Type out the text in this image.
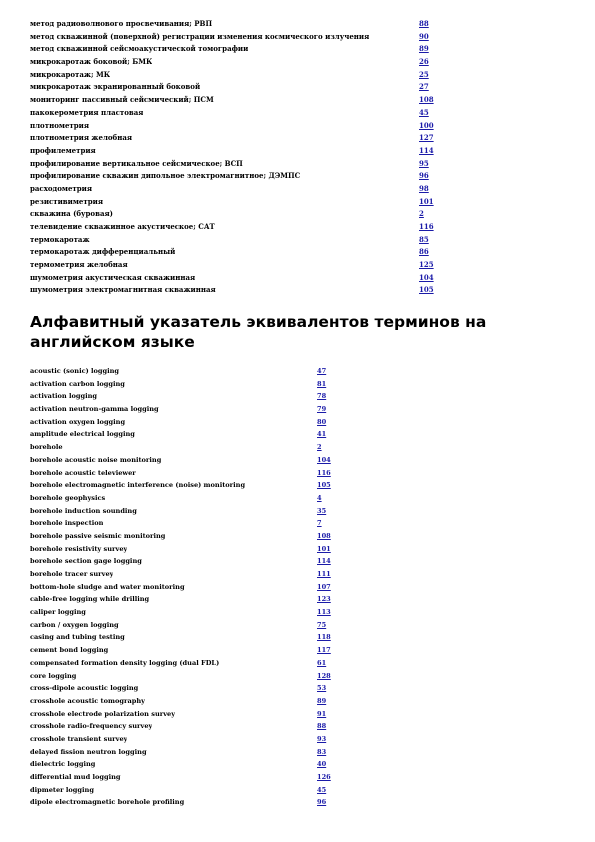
метод радиоволнового просвечивания; РВП	88
метод скважинной (поверхной) регистрации изменения космического излучения	90
метод скважинной сейсмоакустической томографии	89
микрокаротаж боковой; БМК	26
микрокаротаж; МК	25
микрокаротаж экранированный боковой	27
мониторинг пассивный сейсмический; ПСМ	108
пакокерометрия пластовая	45
плотнометрия	100
плотнометрия желобная	127
профилеметрия	114
профилирование вертикальное сейсмическое; ВСП	95
профилирование скважин дипольное электромагнитное; ДЭМПС	96
расходометрия	98
резистивиметрия	101
скважина (буровая)	2
телевидение скважинное акустическое; САТ	116
термокаротаж	85
термокаротаж дифференциальный	86
термометрия желобная	125
шумометрия акустическая скважинная	104
шумометрия электромагнитная скважинная	105
Алфавитный указатель эквивалентов терминов на английском языке
acoustic (sonic) logging	47
activation carbon logging	81
activation logging	78
activation neutron-gamma logging	79
activation oxygen logging	80
amplitude electrical logging	41
borehole	2
borehole acoustic noise monitoring	104
borehole acoustic televiewer	116
borehole electromagnetic interference (noise) monitoring	105
borehole geophysics	4
borehole induction sounding	35
borehole inspection	7
borehole passive seismic monitoring	108
borehole resistivity survey	101
borehole section gage logging	114
borehole tracer survey	111
bottom-hole sludge and water monitoring	107
cable-free logging while drilling	123
caliper logging	113
carbon / oxygen logging	75
casing and tubing testing	118
cement bond logging	117
compensated formation density logging (dual FDL)	61
core logging	128
cross-dipole acoustic logging	53
crosshole acoustic tomography	89
crosshole electrode polarization survey	91
crosshole radio-frequency survey	88
crosshole transient survey	93
delayed fission neutron logging	83
dielectric logging	40
differential mud logging	126
dipmeter logging	45
dipole electromagnetic borehole profiling	96
